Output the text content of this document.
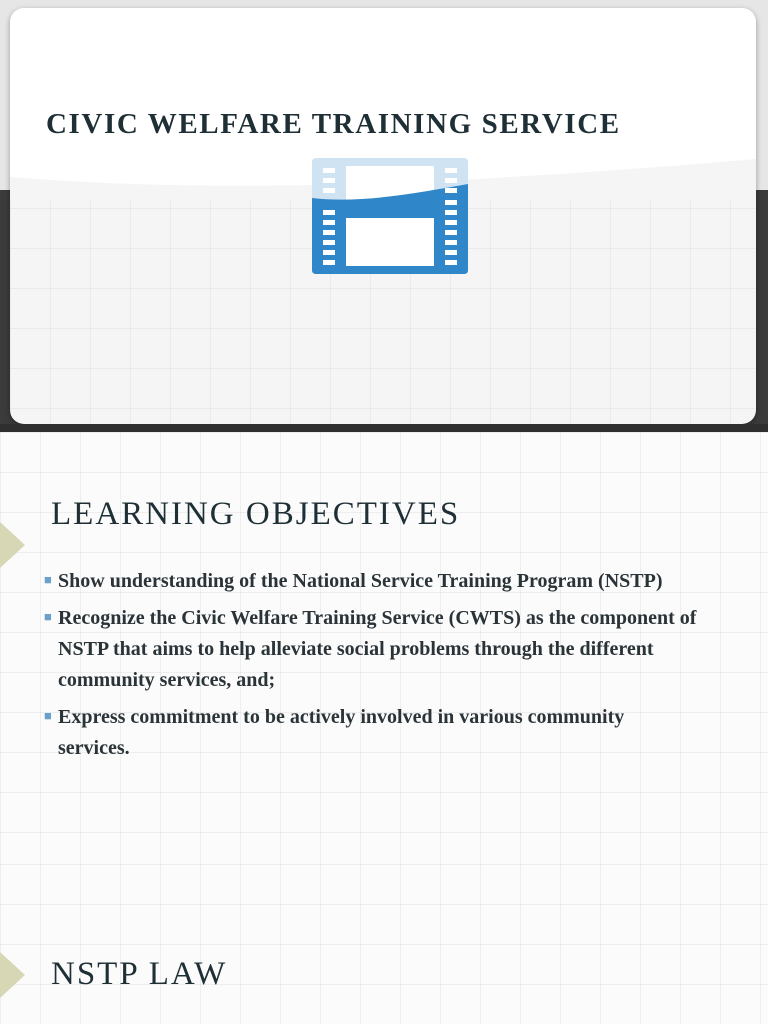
CIVIC WELFARE TRAINING SERVICE
LEARNING OBJECTIVES
■ Show understanding of the National Service Training Program (NSTP)
■ Recognize the Civic Welfare Training Service (CWTS) as the component of NSTP that aims to help alleviate social problems through the different community services, and;
■ Express commitment to be actively involved in various community services.
NSTP LAW
